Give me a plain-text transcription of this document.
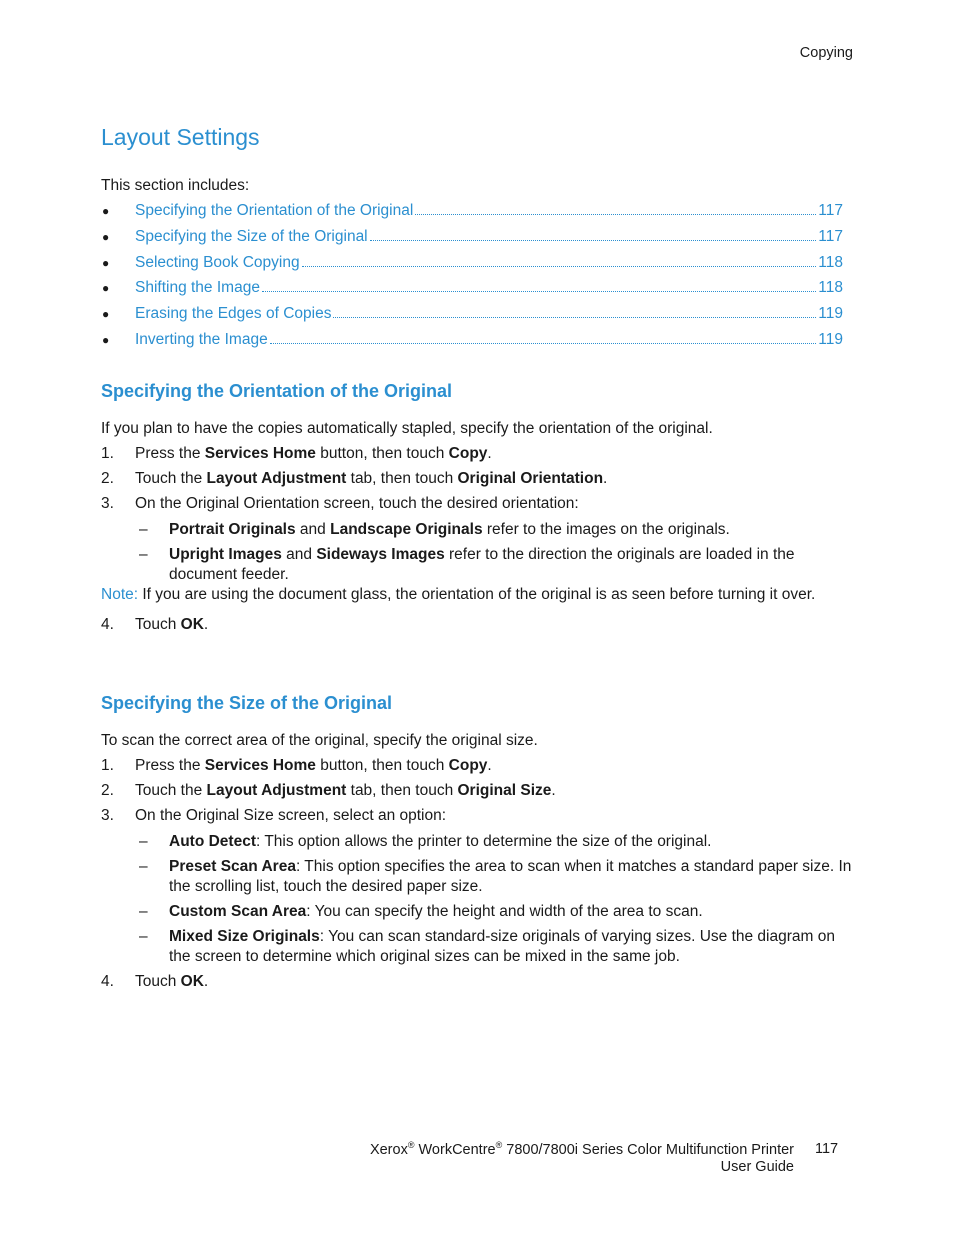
Copying
Layout Settings

This section includes:

●	Specifying the Orientation of the Original	117
●	Specifying the Size of the Original	117
●	Selecting Book Copying	118
●	Shifting the Image	118
●	Erasing the Edges of Copies	119
●	Inverting the Image	119
Specifying the Orientation of the Original

If you plan to have the copies automatically stapled, specify the orientation of the original.

1.	Press the Services Home button, then touch Copy.
2.	Touch the Layout Adjustment tab, then touch Original Orientation.
3.	On the Original Orientation screen, touch the desired orientation:
–	Portrait Originals and Landscape Originals refer to the images on the originals.
–	Upright Images and Sideways Images refer to the direction the originals are loaded in the document feeder.

Note: If you are using the document glass, the orientation of the original is as seen before turning it over.

4.	Touch OK.
Specifying the Size of the Original

To scan the correct area of the original, specify the original size.

1.	Press the Services Home button, then touch Copy.
2.	Touch the Layout Adjustment tab, then touch Original Size.
3.	On the Original Size screen, select an option:
–	Auto Detect: This option allows the printer to determine the size of the original.
–	Preset Scan Area: This option specifies the area to scan when it matches a standard paper size. In the scrolling list, touch the desired paper size.
–	Custom Scan Area: You can specify the height and width of the area to scan.
–	Mixed Size Originals: You can scan standard-size originals of varying sizes. Use the diagram on the screen to determine which original sizes can be mixed in the same job.
4.	Touch OK.
Xerox® WorkCentre® 7800/7800i Series Color Multifunction Printer
User Guide
117
